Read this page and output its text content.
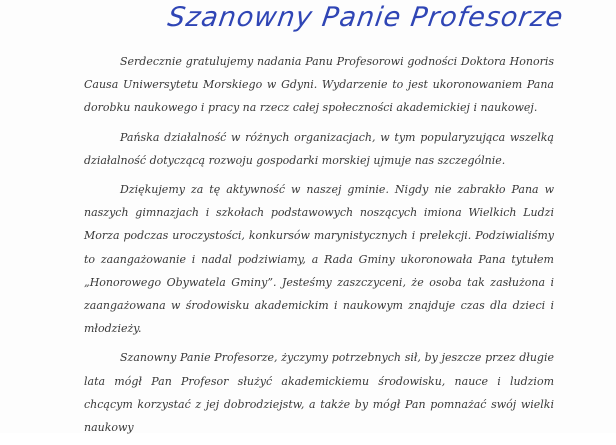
Szanowny Panie Profesorze

Serdecznie gratulujemy nadania Panu Profesorowi godności Doktora Honoris Causa Uniwersytetu Morskiego w Gdyni. Wydarzenie to jest ukoronowaniem Pana dorobku naukowego i pracy na rzecz całej społeczności akademickiej i naukowej.

Pańska działalność w różnych organizacjach, w tym popularyzująca wszelką działalność dotyczącą rozwoju gospodarki morskiej ujmuje nas szczególnie.

Dziękujemy za tę aktywność w naszej gminie. Nigdy nie zabrakło Pana w naszych gimnazjach i szkołach podstawowych noszących imiona Wielkich Ludzi Morza podczas uroczystości, konkursów marynistycznych i prelekcji. Podziwialiśmy to zaangażowanie i nadal podziwiamy, a Rada Gminy ukoronowała Pana tytułem „Honorowego Obywatela Gminy”. Jesteśmy zaszczyceni, że osoba tak zasłużona i zaangażowana w środowisku akademickim i naukowym znajduje czas dla dzieci i młodzieży.

Szanowny Panie Profesorze, życzymy potrzebnych sił, by jeszcze przez długie lata mógł Pan Profesor służyć akademickiemu środowisku, nauce i ludziom chcącym korzystać z jej dobrodziejstw, a także by mógł Pan pomnażać swój wielki naukowy
